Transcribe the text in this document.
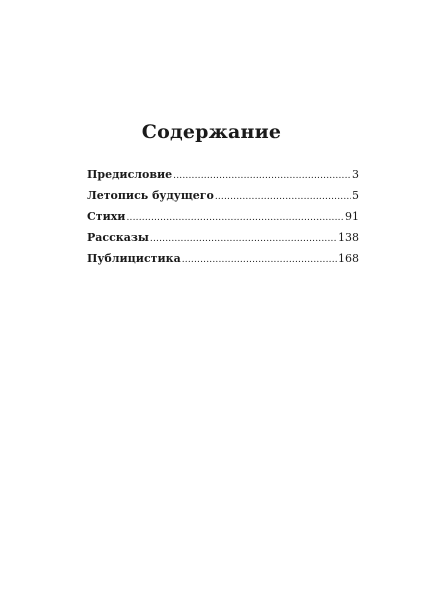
Содержание
Предисловие .....	3
Летопись будущего .....	5
Стихи .....	91
Рассказы .....	138
Публицистика .....	168
